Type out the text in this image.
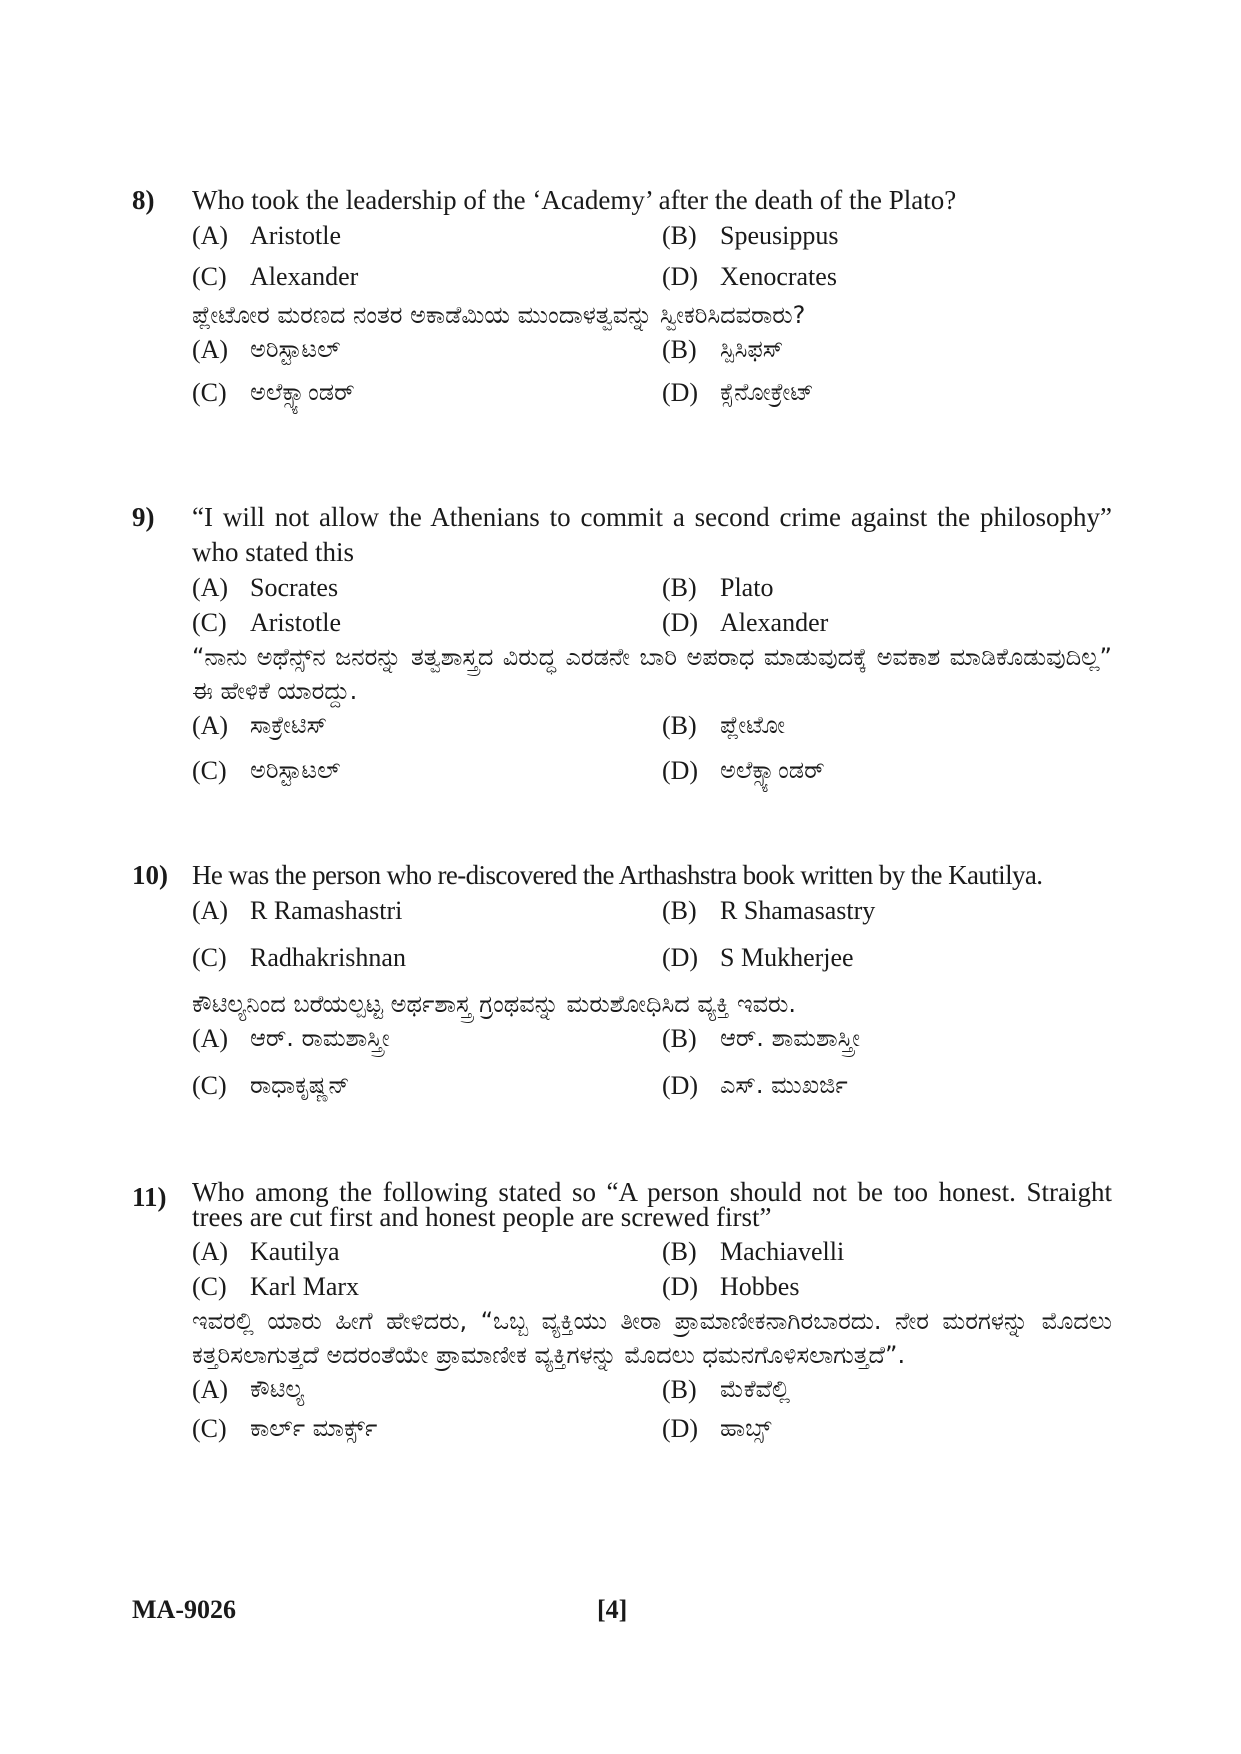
8)	Who took the leadership of the ‘Academy’ after the death of the Plato?
(A) Aristotle	(B) Speusippus
(C) Alexander	(D) Xenocrates
ಪ್ಲೇಟೋರ ಮರಣದ ನಂತರ ಅಕಾಡೆಮಿಯ ಮುಂದಾಳತ್ವವನ್ನು ಸ್ವೀಕರಿಸಿದವರಾರು?
(A) ಅರಿಸ್ಟಾಟಲ್	(B) ಸ್ಪಿಸಿಫಸ್
(C) ಅಲೆಕ್ಸ್ಯಾಂಡರ್	(D) ಕ್ಸೆನೋಕ್ರೇಟ್
9)	“I will not allow the Athenians to commit a second crime against the philosophy” who stated this
(A) Socrates	(B) Plato
(C) Aristotle	(D) Alexander
“ನಾನು ಅಥೆನ್ಸ್‌ನ ಜನರನ್ನು ತತ್ವಶಾಸ್ತ್ರದ ವಿರುದ್ಧ ಎರಡನೇ ಬಾರಿ ಅಪರಾಧ ಮಾಡುವುದಕ್ಕೆ ಅವಕಾಶ ಮಾಡಿಕೊಡುವುದಿಲ್ಲ” ಈ ಹೇಳಿಕೆ ಯಾರದ್ದು.
(A) ಸಾಕ್ರೇಟಿಸ್	(B) ಪ್ಲೇಟೋ
(C) ಅರಿಸ್ಟಾಟಲ್	(D) ಅಲೆಕ್ಸ್ಯಾಂಡರ್
10) He was the person who re-discovered the Arthashstra book written by the Kautilya.
(A) R Ramashastri	(B) R Shamasastry
(C) Radhakrishnan	(D) S Mukherjee
ಕೌಟಿಲ್ಯನಿಂದ ಬರೆಯಲ್ಪಟ್ಟ ಅರ್ಥಶಾಸ್ತ್ರ ಗ್ರಂಥವನ್ನು ಮರುಶೋಧಿಸಿದ ವ್ಯಕ್ತಿ ಇವರು.
(A) ಆರ್. ರಾಮಶಾಸ್ತ್ರೀ	(B) ಆರ್. ಶಾಮಶಾಸ್ತ್ರೀ
(C) ರಾಧಾಕೃಷ್ಣನ್	(D) ಎಸ್. ಮುಖರ್ಜಿ
11) Who among the following stated so “A person should not be too honest. Straight trees are cut first and honest people are screwed first”
(A) Kautilya	(B) Machiavelli
(C) Karl Marx	(D) Hobbes
ಇವರಲ್ಲಿ ಯಾರು ಹೀಗೆ ಹೇಳಿದರು, “ಒಬ್ಬ ವ್ಯಕ್ತಿಯು ತೀರಾ ಪ್ರಾಮಾಣೀಕನಾಗಿರಬಾರದು. ನೇರ ಮರಗಳನ್ನು ಮೊದಲು ಕತ್ತರಿಸಲಾಗುತ್ತದೆ ಅದರಂತೆಯೇ ಪ್ರಾಮಾಣೀಕ ವ್ಯಕ್ತಿಗಳನ್ನು ಮೊದಲು ಧಮನಗೊಳಿಸಲಾಗುತ್ತದೆ”.
(A) ಕೌಟಿಲ್ಯ	(B) ಮೆಕೆವೆಲ್ಲಿ
(C) ಕಾರ್ಲ್ ಮಾರ್ಕ್ಸ್	(D) ಹಾಬ್ಸ್
MA-9026	[4]
